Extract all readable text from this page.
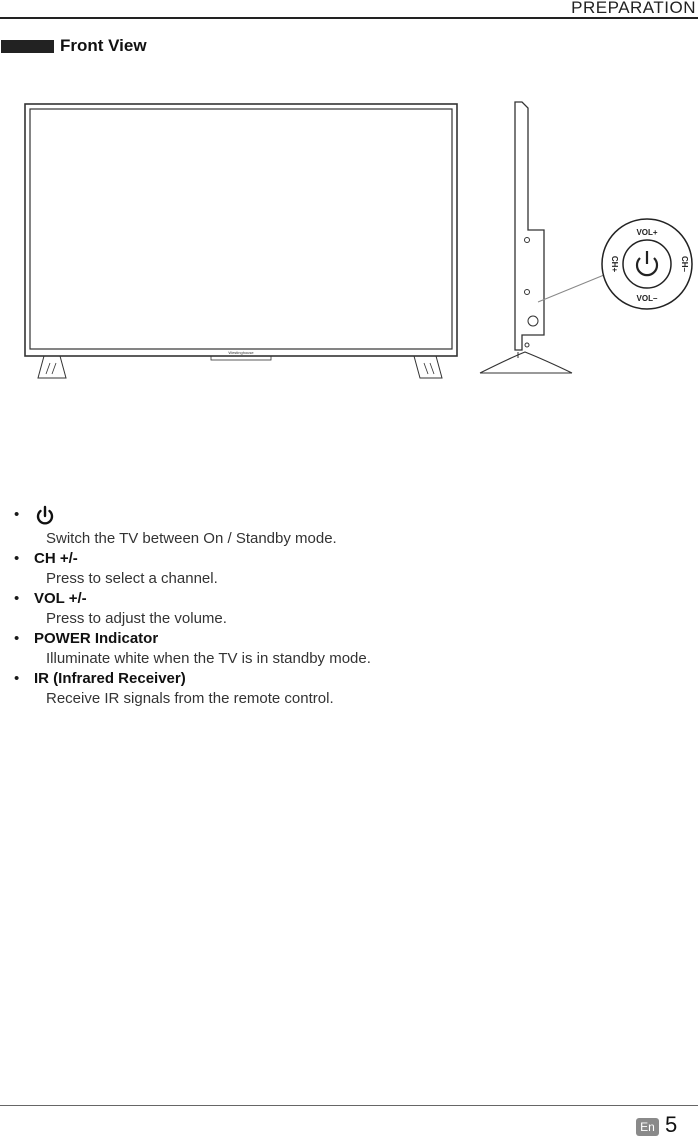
PREPARATION
Front View
Westinghouse
VOL+
VOL–
CH+	CH–
•
Switch the TV between On / Standby mode.
• CH +/-
Press to select a channel.
• VOL +/-
Press to adjust the volume.
• POWER Indicator
Illuminate white when the TV is in standby mode.
• IR (Infrared Receiver)
Receive IR signals from the remote control.
En 5
